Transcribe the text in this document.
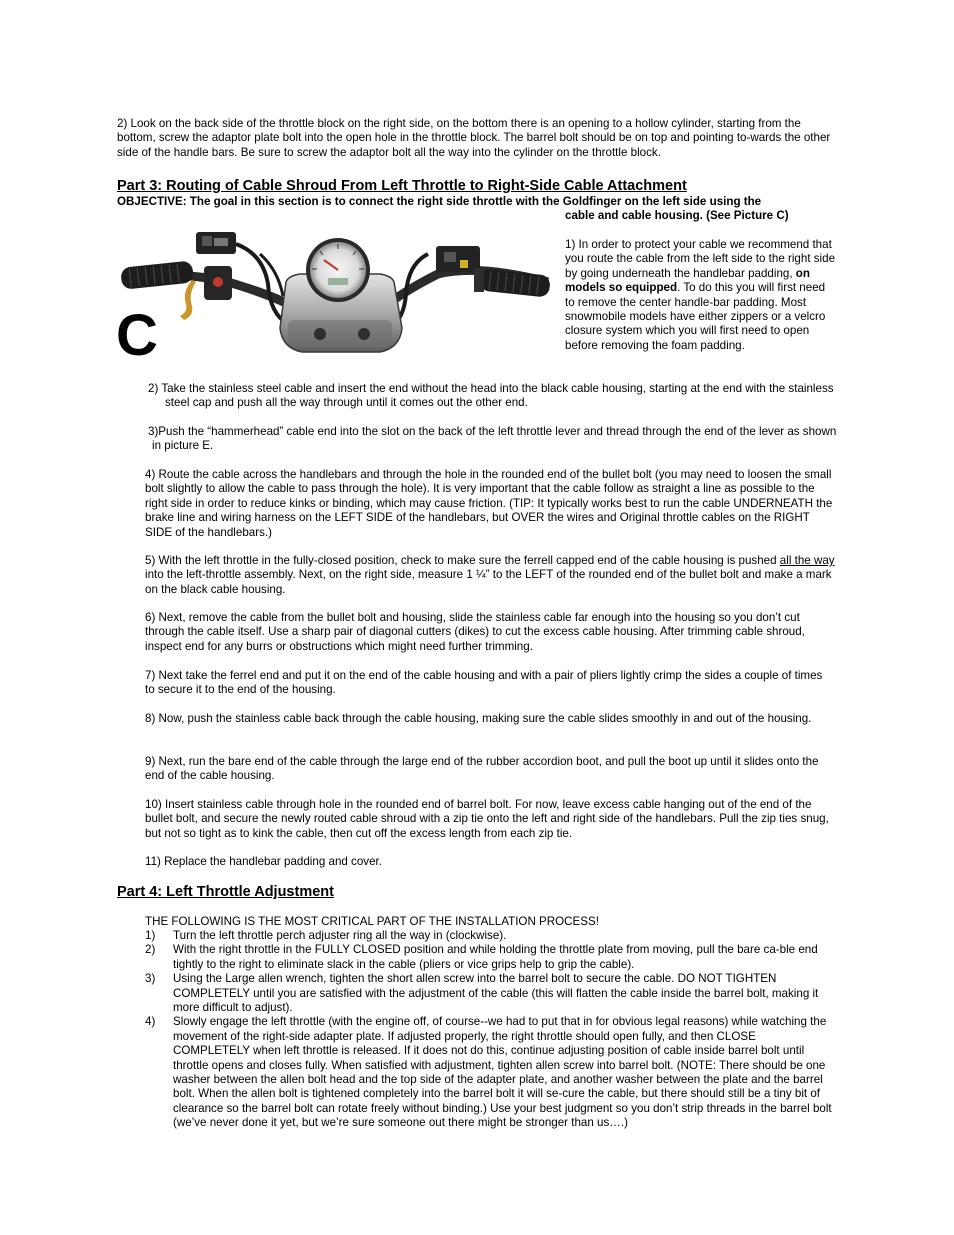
2) Look on the back side of the throttle block on the right side, on the bottom there is an opening to a hollow cylinder, starting from the bottom, screw the adaptor plate bolt into the open hole in the throttle block. The barrel bolt should be on top and pointing to-wards the other side of the handle bars. Be sure to screw the adaptor bolt all the way into the cylinder on the throttle block.

Part 3: Routing of Cable Shroud From Left Throttle to Right-Side Cable Attachment

OBJECTIVE: The goal in this section is to connect the right side throttle with the Goldfinger on the left side using the

cable and cable housing. (See Picture C)

C

1) In order to protect your cable we recommend that you route the cable from the left side to the right side by going underneath the handlebar padding, on models so equipped. To do this you will first need to remove the center handle-bar padding. Most snowmobile models have either zippers or a velcro closure system which you will first need to open before removing the foam padding.

2) Take the stainless steel cable and insert the end without the head into the black cable housing, starting at the end with the stainless steel cap and push all the way through until it comes out the other end.

3)Push the “hammerhead” cable end into the slot on the back of the left throttle lever and thread through the end of the lever as shown in picture E.

4) Route the cable across the handlebars and through the hole in the rounded end of the bullet bolt (you may need to loosen the small bolt slightly to allow the cable to pass through the hole). It is very important that the cable follow as straight a line as possible to the right side in order to reduce kinks or binding, which may cause friction. (TIP: It typically works best to run the cable UNDERNEATH the brake line and wiring harness on the LEFT SIDE of the handlebars, but OVER the wires and Original throttle cables on the RIGHT SIDE of the handlebars.)

5) With the left throttle in the fully-closed position, check to make sure the ferrell capped end of the cable housing is pushed all the way into the left-throttle assembly. Next, on the right side, measure 1 ¼” to the LEFT of the rounded end of the bullet bolt and make a mark on the black cable housing.

6) Next, remove the cable from the bullet bolt and housing, slide the stainless cable far enough into the housing so you don’t cut through the cable itself. Use a sharp pair of diagonal cutters (dikes) to cut the excess cable housing. After trimming cable shroud, inspect end for any burrs or obstructions which might need further trimming.

7) Next take the ferrel end and put it on the end of the cable housing and with a pair of pliers lightly crimp the sides a couple of times to secure it to the end of the housing.

8) Now, push the stainless cable back through the cable housing, making sure the cable slides smoothly in and out of the housing.

9) Next, run the bare end of the cable through the large end of the rubber accordion boot, and pull the boot up until it slides onto the end of the cable housing.

10) Insert stainless cable through hole in the rounded end of barrel bolt. For now, leave excess cable hanging out of the end of the bullet bolt, and secure the newly routed cable shroud with a zip tie onto the left and right side of the handlebars. Pull the zip ties snug, but not so tight as to kink the cable, then cut off the excess length from each zip tie.

11) Replace the handlebar padding and cover.

Part 4: Left Throttle Adjustment

THE FOLLOWING IS THE MOST CRITICAL PART OF THE INSTALLATION PROCESS!

1)	Turn the left throttle perch adjuster ring all the way in (clockwise).
2)	With the right throttle in the FULLY CLOSED position and while holding the throttle plate from moving, pull the bare ca-ble end tightly to the right to eliminate slack in the cable (pliers or vice grips help to grip the cable).
3)	Using the Large allen wrench, tighten the short allen screw into the barrel bolt to secure the cable. DO NOT TIGHTEN COMPLETELY until you are satisfied with the adjustment of the cable (this will flatten the cable inside the barrel bolt, making it more difficult to adjust).
4)	Slowly engage the left throttle (with the engine off, of course--we had to put that in for obvious legal reasons) while watching the movement of the right-side adapter plate. If adjusted properly, the right throttle should open fully, and then CLOSE COMPLETELY when left throttle is released. If it does not do this, continue adjusting position of cable inside barrel bolt until throttle opens and closes fully. When satisfied with adjustment, tighten allen screw into barrel bolt. (NOTE: There should be one washer between the allen bolt head and the top side of the adapter plate, and another washer between the plate and the barrel bolt. When the allen bolt is tightened completely into the barrel bolt it will se-cure the cable, but there should still be a tiny bit of clearance so the barrel bolt can rotate freely without binding.) Use your best judgment so you don’t strip threads in the barrel bolt (we’ve never done it yet, but we’re sure someone out there might be stronger than us….)
